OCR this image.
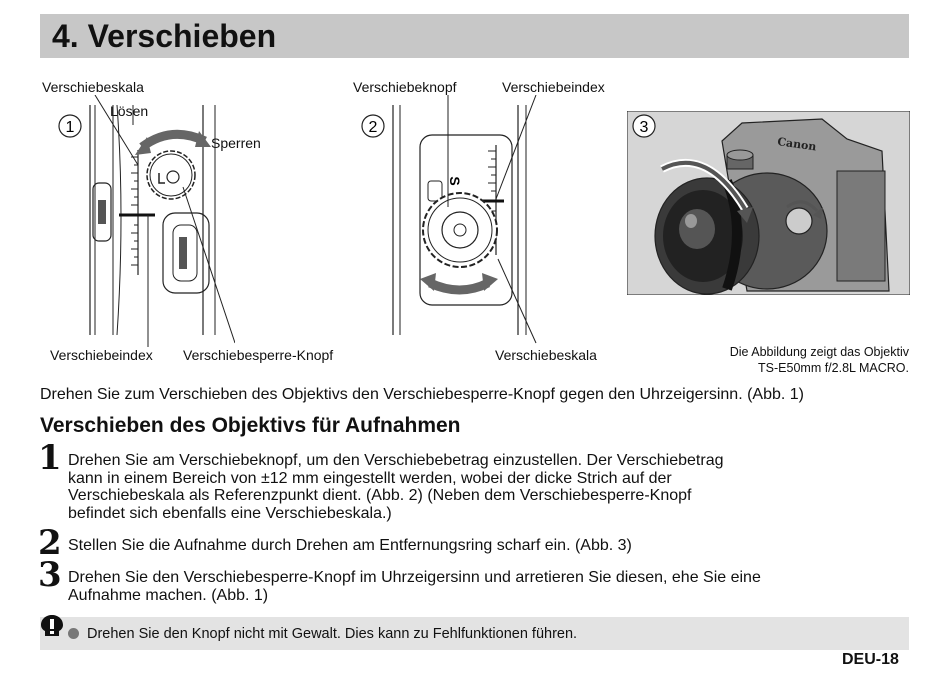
4. Verschieben
Verschiebeskala
Lösen
Sperren
Verschiebeindex Verschiebesperre-Knopf
1
Verschiebeknopf	Verschiebeindex
Verschiebeskala
2
S
3
Canon
Die Abbildung zeigt das Objektiv
TS-E50mm f/2.8L MACRO.
Drehen Sie zum Verschieben des Objektivs den Verschiebesperre-Knopf gegen den Uhrzeigersinn. (Abb. 1)
Verschieben des Objektivs für Aufnahmen
1 Drehen Sie am Verschiebeknopf, um den Verschiebebetrag einzustellen. Der Verschiebetrag
kann in einem Bereich von ±12 mm eingestellt werden, wobei der dicke Strich auf der
Verschiebeskala als Referenzpunkt dient. (Abb. 2) (Neben dem Verschiebesperre-Knopf
befindet sich ebenfalls eine Verschiebeskala.)
2 Stellen Sie die Aufnahme durch Drehen am Entfernungsring scharf ein. (Abb. 3)
3 Drehen Sie den Verschiebesperre-Knopf im Uhrzeigersinn und arretieren Sie diesen, ehe Sie eine
Aufnahme machen. (Abb. 1)
Drehen Sie den Knopf nicht mit Gewalt. Dies kann zu Fehlfunktionen führen.
DEU-18
